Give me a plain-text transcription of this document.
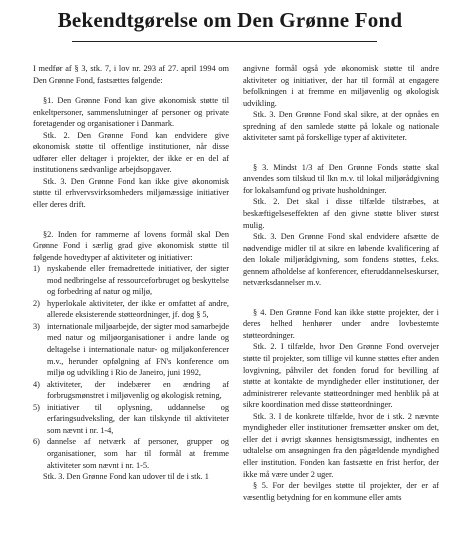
Bekendtgørelse om Den Grønne Fond

I medfør af § 3, stk. 7, i lov nr. 293 af 27. april 1994 om Den Grønne Fond, fastsættes følgende:

§1. Den Grønne Fond kan give økonomisk støtte til enkeltpersoner, sammenslutninger af personer og private foretagender og organisationer i Danmark.

Stk. 2. Den Grønne Fond kan endvidere give økonomisk støtte til offentlige institutioner, når disse udfører eller deltager i projekter, der ikke er en del af institutionens sædvanlige arbejdsopgaver.

Stk. 3. Den Grønne Fond kan ikke give økonomisk støtte til erhvervsvirksomheders miljømæssige initiativer eller deres drift.

§2. Inden for rammerne af lovens formål skal Den Grønne Fond i særlig grad give økonomisk støtte til følgende hovedtyper af aktiviteter og initiativer:

1) nyskabende eller fremadrettede initiativer, der sigter mod nedbringelse af ressourceforbruget og beskyttelse og forbedring af natur og miljø,
2) hyperlokale aktiviteter, der ikke er omfattet af andre, allerede eksisterende støtteordninger, jf. dog § 5,
3) internationale miljøarbejde, der sigter mod samarbejde med natur og miljøorganisationer i andre lande og deltagelse i internationale natur- og miljøkonferencer m.v., herunder opfølgning af FN's konference om miljø og udvikling i Rio de Janeiro, juni 1992,
4) aktiviteter, der indebærer en ændring af forbrugsmønstret i miljøvenlig og økologisk retning,
5) initiativer til oplysning, uddannelse og erfaringsudveksling, der kan tilskynde til aktiviteter som nævnt i nr. 1-4,
6) dannelse af netværk af personer, grupper og organisationer, som har til formål at fremme aktiviteter som nævnt i nr. 1-5.

Stk. 3. Den Grønne Fond kan udover til de i stk. 1

angivne formål også yde økonomisk støtte til andre aktiviteter og initiativer, der har til formål at engagere befolkningen i at fremme en miljøvenlig og økologisk udvikling.

Stk. 3. Den Grønne Fond skal sikre, at der opnåes en spredning af den samlede støtte på lokale og nationale aktiviteter samt på forskellige typer af aktiviteter.

§ 3. Mindst 1/3 af Den Grønne Fonds støtte skal anvendes som tilskud til lkn m.v. til lokal miljørådgivning for lokalsamfund og private husholdninger.

Stk. 2. Det skal i disse tilfælde tilstræbes, at beskæftigelseseffekten af den givne støtte bliver størst mulig.

Stk. 3. Den Grønne Fond skal endvidere afsætte de nødvendige midler til at sikre en løbende kvalificering af den lokale miljørådgivning, som fondens støttes, f.eks. gennem afholdelse af konferencer, efteruddannelseskurser, netværksdannelser m.v.

§ 4. Den Grønne Fond kan ikke støtte projekter, der i deres helhed henhører under andre lovbestemte støtteordninger.

Stk. 2. I tilfælde, hvor Den Grønne Fond overvejer støtte til projekter, som tillige vil kunne støttes efter anden lovgivning, påhviler det fonden forud for bevilling af støtte at kontakte de myndigheder eller institutioner, der administrerer relevante støtteordninger med henblik på at sikre koordination med disse støtteordninger.

Stk. 3. I de konkrete tilfælde, hvor de i stk. 2 nævnte myndigheder eller institutioner fremsætter ønsker om det, eller det i øvrigt skønnes hensigtsmæssigt, indhentes en udtalelse om ansøgningen fra den pågældende myndighed eller institution. Fonden kan fastsætte en frist herfor, der ikke må være under 2 uger.

§ 5. For der bevilges støtte til projekter, der er af væsentlig betydning for en kommune eller amts
